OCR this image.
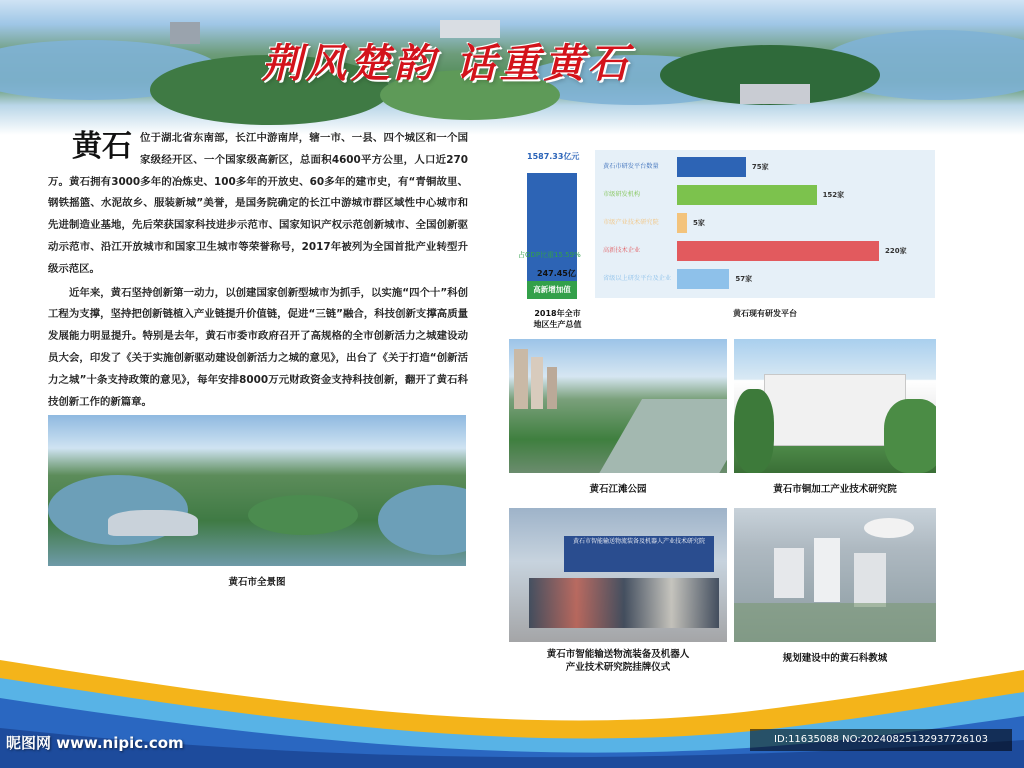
荆风楚韵 话重黄石
黄石 位于湖北省东南部，长江中游南岸，辖一市、一县、四个城区和一个国家级经开区、一个国家级高新区，总面积4600平方公里，人口近270万。黄石拥有3000多年的冶炼史、100多年的开放史、60多年的建市史，有“青铜故里、钢铁摇篮、水泥故乡、服装新城”美誉，是国务院确定的长江中游城市群区域性中心城市和先进制造业基地，先后荣获国家科技进步示范市、国家知识产权示范创新城市、全国创新驱动示范市、沿江开放城市和国家卫生城市等荣誉称号，2017年被列为全国首批产业转型升级示范区。

近年来，黄石坚持创新第一动力，以创建国家创新型城市为抓手，以实施“四个十”科创工程为支撑，坚持把创新链植入产业链提升价值链，促进“三链”融合，科技创新支撑高质量发展能力明显提升。特别是去年，黄石市委市政府召开了高规格的全市创新活力之城建设动员大会，印发了《关于实施创新驱动建设创新活力之城的意见》，出台了《关于打造“创新活力之城”十条支持政策的意见》，每年安排8000万元财政资金支持科技创新，翻开了黄石科技创新工作的新篇章。

黄石市全景图
1587.33亿元
占GDP比重15.59%
247.45亿
高新增加值
2018年全市
地区生产总值
黄石市研发平台数量	75家
市级研发机构	152家
市级产业技术研究院	5家
高新技术企业	220家
省级以上研发平台及企业	57家
黄石现有研发平台
黄石江滩公园	黄石市铜加工产业技术研究院
黄石市智能输送物流装备及机器人产业技术研究院
黄石市智能输送物流装备及机器人
产业技术研究院挂牌仪式
规划建设中的黄石科教城
昵图网 www.nipic.com	ID:11635088 NO:20240825132937726103
